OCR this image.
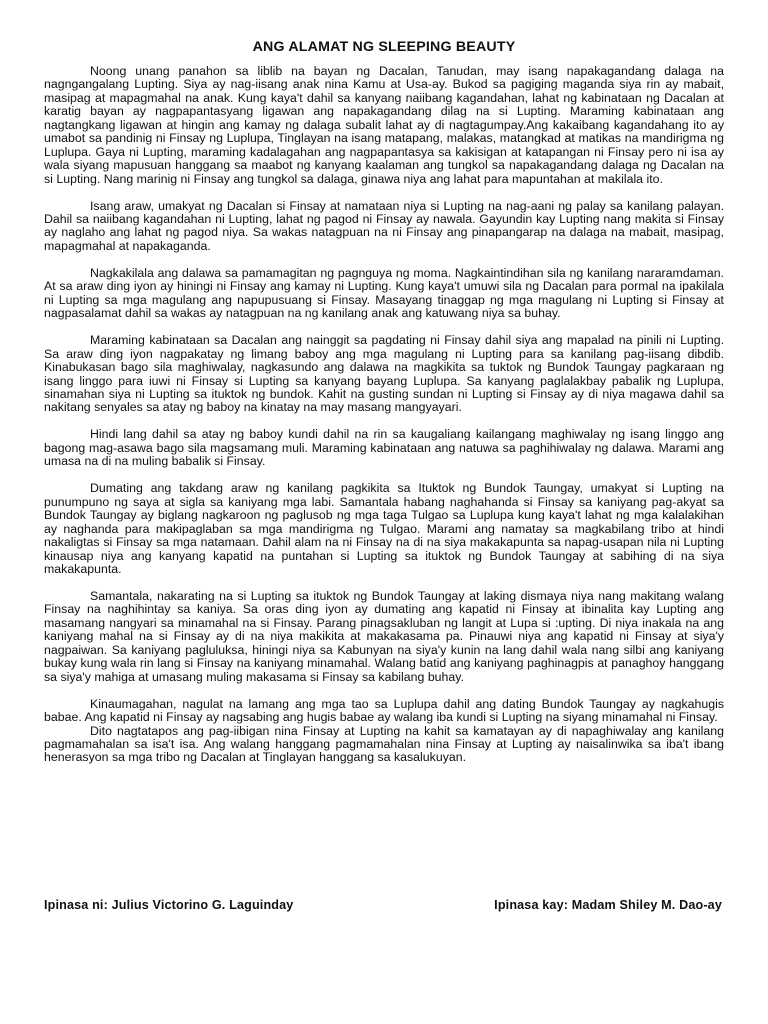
ANG ALAMAT NG SLEEPING BEAUTY

Noong unang panahon sa liblib na bayan ng Dacalan, Tanudan, may isang napakagandang dalaga na nagngangalang Lupting. Siya ay nag-iisang anak nina Kamu at Usa-ay. Bukod sa pagiging maganda siya rin ay mabait, masipag at mapagmahal na anak. Kung kaya't dahil sa kanyang naiibang kagandahan, lahat ng kabinataan ng Dacalan at karatig bayan ay nagpapantasyang ligawan ang napakagandang dilag na si Lupting. Maraming kabinataan ang nagtangkang ligawan at hingin ang kamay ng dalaga subalit lahat ay di nagtagumpay.Ang kakaibang kagandahang ito ay umabot sa pandinig ni Finsay ng Luplupa, Tinglayan na isang matapang, malakas, matangkad at matikas na mandirigma ng Luplupa. Gaya ni Lupting, maraming kadalagahan ang nagpapantasya sa kakisigan at katapangan ni Finsay pero ni isa ay wala siyang mapusuan hanggang sa maabot ng kanyang kaalaman ang tungkol sa napakagandang dalaga ng Dacalan na si Lupting. Nang marinig ni Finsay ang tungkol sa dalaga, ginawa niya ang lahat para mapuntahan at makilala ito.

Isang araw, umakyat ng Dacalan si Finsay at namataan niya si Lupting na nag-aani ng palay sa kanilang palayan. Dahil sa naiibang kagandahan ni Lupting, lahat ng pagod ni Finsay ay nawala. Gayundin kay Lupting nang makita si Finsay ay naglaho ang lahat ng pagod niya. Sa wakas natagpuan na ni Finsay ang pinapangarap na dalaga na mabait, masipag, mapagmahal at napakaganda.

Nagkakilala ang dalawa sa pamamagitan ng pagnguya ng moma. Nagkaintindihan sila ng kanilang nararamdaman. At sa araw ding iyon ay hiningi ni Finsay ang kamay ni Lupting. Kung kaya't umuwi sila ng Dacalan para pormal na ipakilala ni Lupting sa mga magulang ang napupusuang si Finsay. Masayang tinaggap ng mga magulang ni Lupting si Finsay at nagpasalamat dahil sa wakas ay natagpuan na ng kanilang anak ang katuwang niya sa buhay.

Maraming kabinataan sa Dacalan ang nainggit sa pagdating ni Finsay dahil siya ang mapalad na pinili ni Lupting. Sa araw ding iyon nagpakatay ng limang baboy ang mga magulang ni Lupting para sa kanilang pag-iisang dibdib. Kinabukasan bago sila maghiwalay, nagkasundo ang dalawa na magkikita sa tuktok ng Bundok Taungay pagkaraan ng isang linggo para iuwi ni Finsay si Lupting sa kanyang bayang Luplupa. Sa kanyang paglalakbay pabalik ng Luplupa, sinamahan siya ni Lupting sa ituktok ng bundok. Kahit na gusting sundan ni Lupting si Finsay ay di niya magawa dahil sa nakitang senyales sa atay ng baboy na kinatay na may masang mangyayari.

Hindi lang dahil sa atay ng baboy kundi dahil na rin sa kaugaliang kailangang maghiwalay ng isang linggo ang bagong mag-asawa bago sila magsamang muli. Maraming kabinataan ang natuwa sa paghihiwalay ng dalawa. Marami ang umasa na di na muling babalik si Finsay.

Dumating ang takdang araw ng kanilang pagkikita sa Ituktok ng Bundok Taungay, umakyat si Lupting na punumpuno ng saya at sigla sa kaniyang mga labi. Samantala habang naghahanda si Finsay sa kaniyang pag-akyat sa Bundok Taungay ay biglang nagkaroon ng paglusob ng mga taga Tulgao sa Luplupa kung kaya't lahat ng mga kalalakihan ay naghanda para makipaglaban sa mga mandirigma ng Tulgao. Marami ang namatay sa magkabilang tribo at hindi nakaligtas si Finsay sa mga natamaan. Dahil alam na ni Finsay na di na siya makakapunta sa napag-usapan nila ni Lupting kinausap niya ang kanyang kapatid na puntahan si Lupting sa ituktok ng Bundok Taungay at sabihing di na siya makakapunta.

Samantala, nakarating na si Lupting sa ituktok ng Bundok Taungay at laking dismaya niya nang makitang walang Finsay na naghihintay sa kaniya. Sa oras ding iyon ay dumating ang kapatid ni Finsay at ibinalita kay Lupting ang masamang nangyari sa minamahal na si Finsay. Parang pinagsakluban ng langit at Lupa si :upting. Di niya inakala na ang kaniyang mahal na si Finsay ay di na niya makikita at makakasama pa. Pinauwi niya ang kapatid ni Finsay at siya'y nagpaiwan. Sa kaniyang pagluluksa, hiningi niya sa Kabunyan na siya'y kunin na lang dahil wala nang silbi ang kaniyang bukay kung wala rin lang si Finsay na kaniyang minamahal. Walang batid ang kaniyang paghinagpis at panaghoy hanggang sa siya'y mahiga at umasang muling makasama si Finsay sa kabilang buhay.

Kinaumagahan, nagulat na lamang ang mga tao sa Luplupa dahil ang dating Bundok Taungay ay nagkahugis babae. Ang kapatid ni Finsay ay nagsabing ang hugis babae ay walang iba kundi si Lupting na siyang minamahal ni Finsay.

Dito nagtatapos ang pag-iibigan nina Finsay at Lupting na kahit sa kamatayan ay di napaghiwalay ang kanilang pagmamahalan sa isa't isa. Ang walang hanggang pagmamahalan nina Finsay at Lupting ay naisalinwika sa iba't ibang henerasyon sa mga tribo ng Dacalan at Tinglayan hanggang sa kasalukuyan.

Ipinasa ni: Julius Victorino G. Laguinday	Ipinasa kay: Madam Shiley M. Dao-ay
